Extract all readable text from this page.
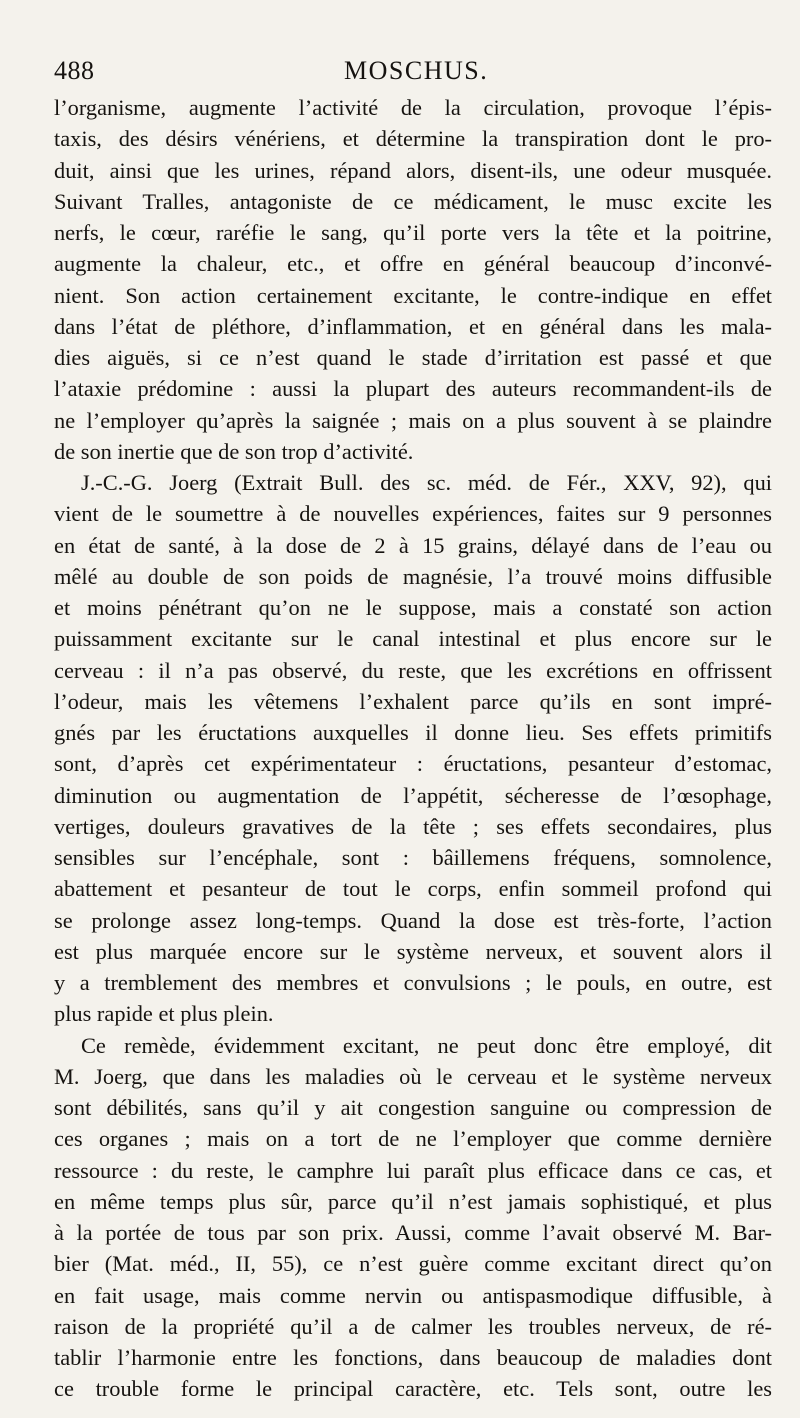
488	MOSCHUS.

l’organisme, augmente l’activité de la circulation, provoque l’épis-
taxis, des désirs vénériens, et détermine la transpiration dont le pro-
duit, ainsi que les urines, répand alors, disent-ils, une odeur musquée.
Suivant Tralles, antagoniste de ce médicament, le musc excite les
nerfs, le cœur, raréfie le sang, qu’il porte vers la tête et la poitrine,
augmente la chaleur, etc., et offre en général beaucoup d’inconvé-
nient. Son action certainement excitante, le contre-indique en effet
dans l’état de pléthore, d’inflammation, et en général dans les mala-
dies aiguës, si ce n’est quand le stade d’irritation est passé et que
l’ataxie prédomine : aussi la plupart des auteurs recommandent-ils de
ne l’employer qu’après la saignée ; mais on a plus souvent à se plaindre
de son inertie que de son trop d’activité.

J.-C.-G. Joerg (Extrait Bull. des sc. méd. de Fér., XXV, 92), qui
vient de le soumettre à de nouvelles expériences, faites sur 9 personnes
en état de santé, à la dose de 2 à 15 grains, délayé dans de l’eau ou
mêlé au double de son poids de magnésie, l’a trouvé moins diffusible
et moins pénétrant qu’on ne le suppose, mais a constaté son action
puissamment excitante sur le canal intestinal et plus encore sur le
cerveau : il n’a pas observé, du reste, que les excrétions en offrissent
l’odeur, mais les vêtemens l’exhalent parce qu’ils en sont impré-
gnés par les éructations auxquelles il donne lieu. Ses effets primitifs
sont, d’après cet expérimentateur : éructations, pesanteur d’estomac,
diminution ou augmentation de l’appétit, sécheresse de l’œsophage,
vertiges, douleurs gravatives de la tête ; ses effets secondaires, plus
sensibles sur l’encéphale, sont : bâillemens fréquens, somnolence,
abattement et pesanteur de tout le corps, enfin sommeil profond qui
se prolonge assez long-temps. Quand la dose est très-forte, l’action
est plus marquée encore sur le système nerveux, et souvent alors il
y a tremblement des membres et convulsions ; le pouls, en outre, est
plus rapide et plus plein.

Ce remède, évidemment excitant, ne peut donc être employé, dit
M. Joerg, que dans les maladies où le cerveau et le système nerveux
sont débilités, sans qu’il y ait congestion sanguine ou compression de
ces organes ; mais on a tort de ne l’employer que comme dernière
ressource : du reste, le camphre lui paraît plus efficace dans ce cas, et
en même temps plus sûr, parce qu’il n’est jamais sophistiqué, et plus
à la portée de tous par son prix. Aussi, comme l’avait observé M. Bar-
bier (Mat. méd., II, 55), ce n’est guère comme excitant direct qu’on
en fait usage, mais comme nervin ou antispasmodique diffusible, à
raison de la propriété qu’il a de calmer les troubles nerveux, de ré-
tablir l’harmonie entre les fonctions, dans beaucoup de maladies dont
ce trouble forme le principal caractère, etc. Tels sont, outre les
